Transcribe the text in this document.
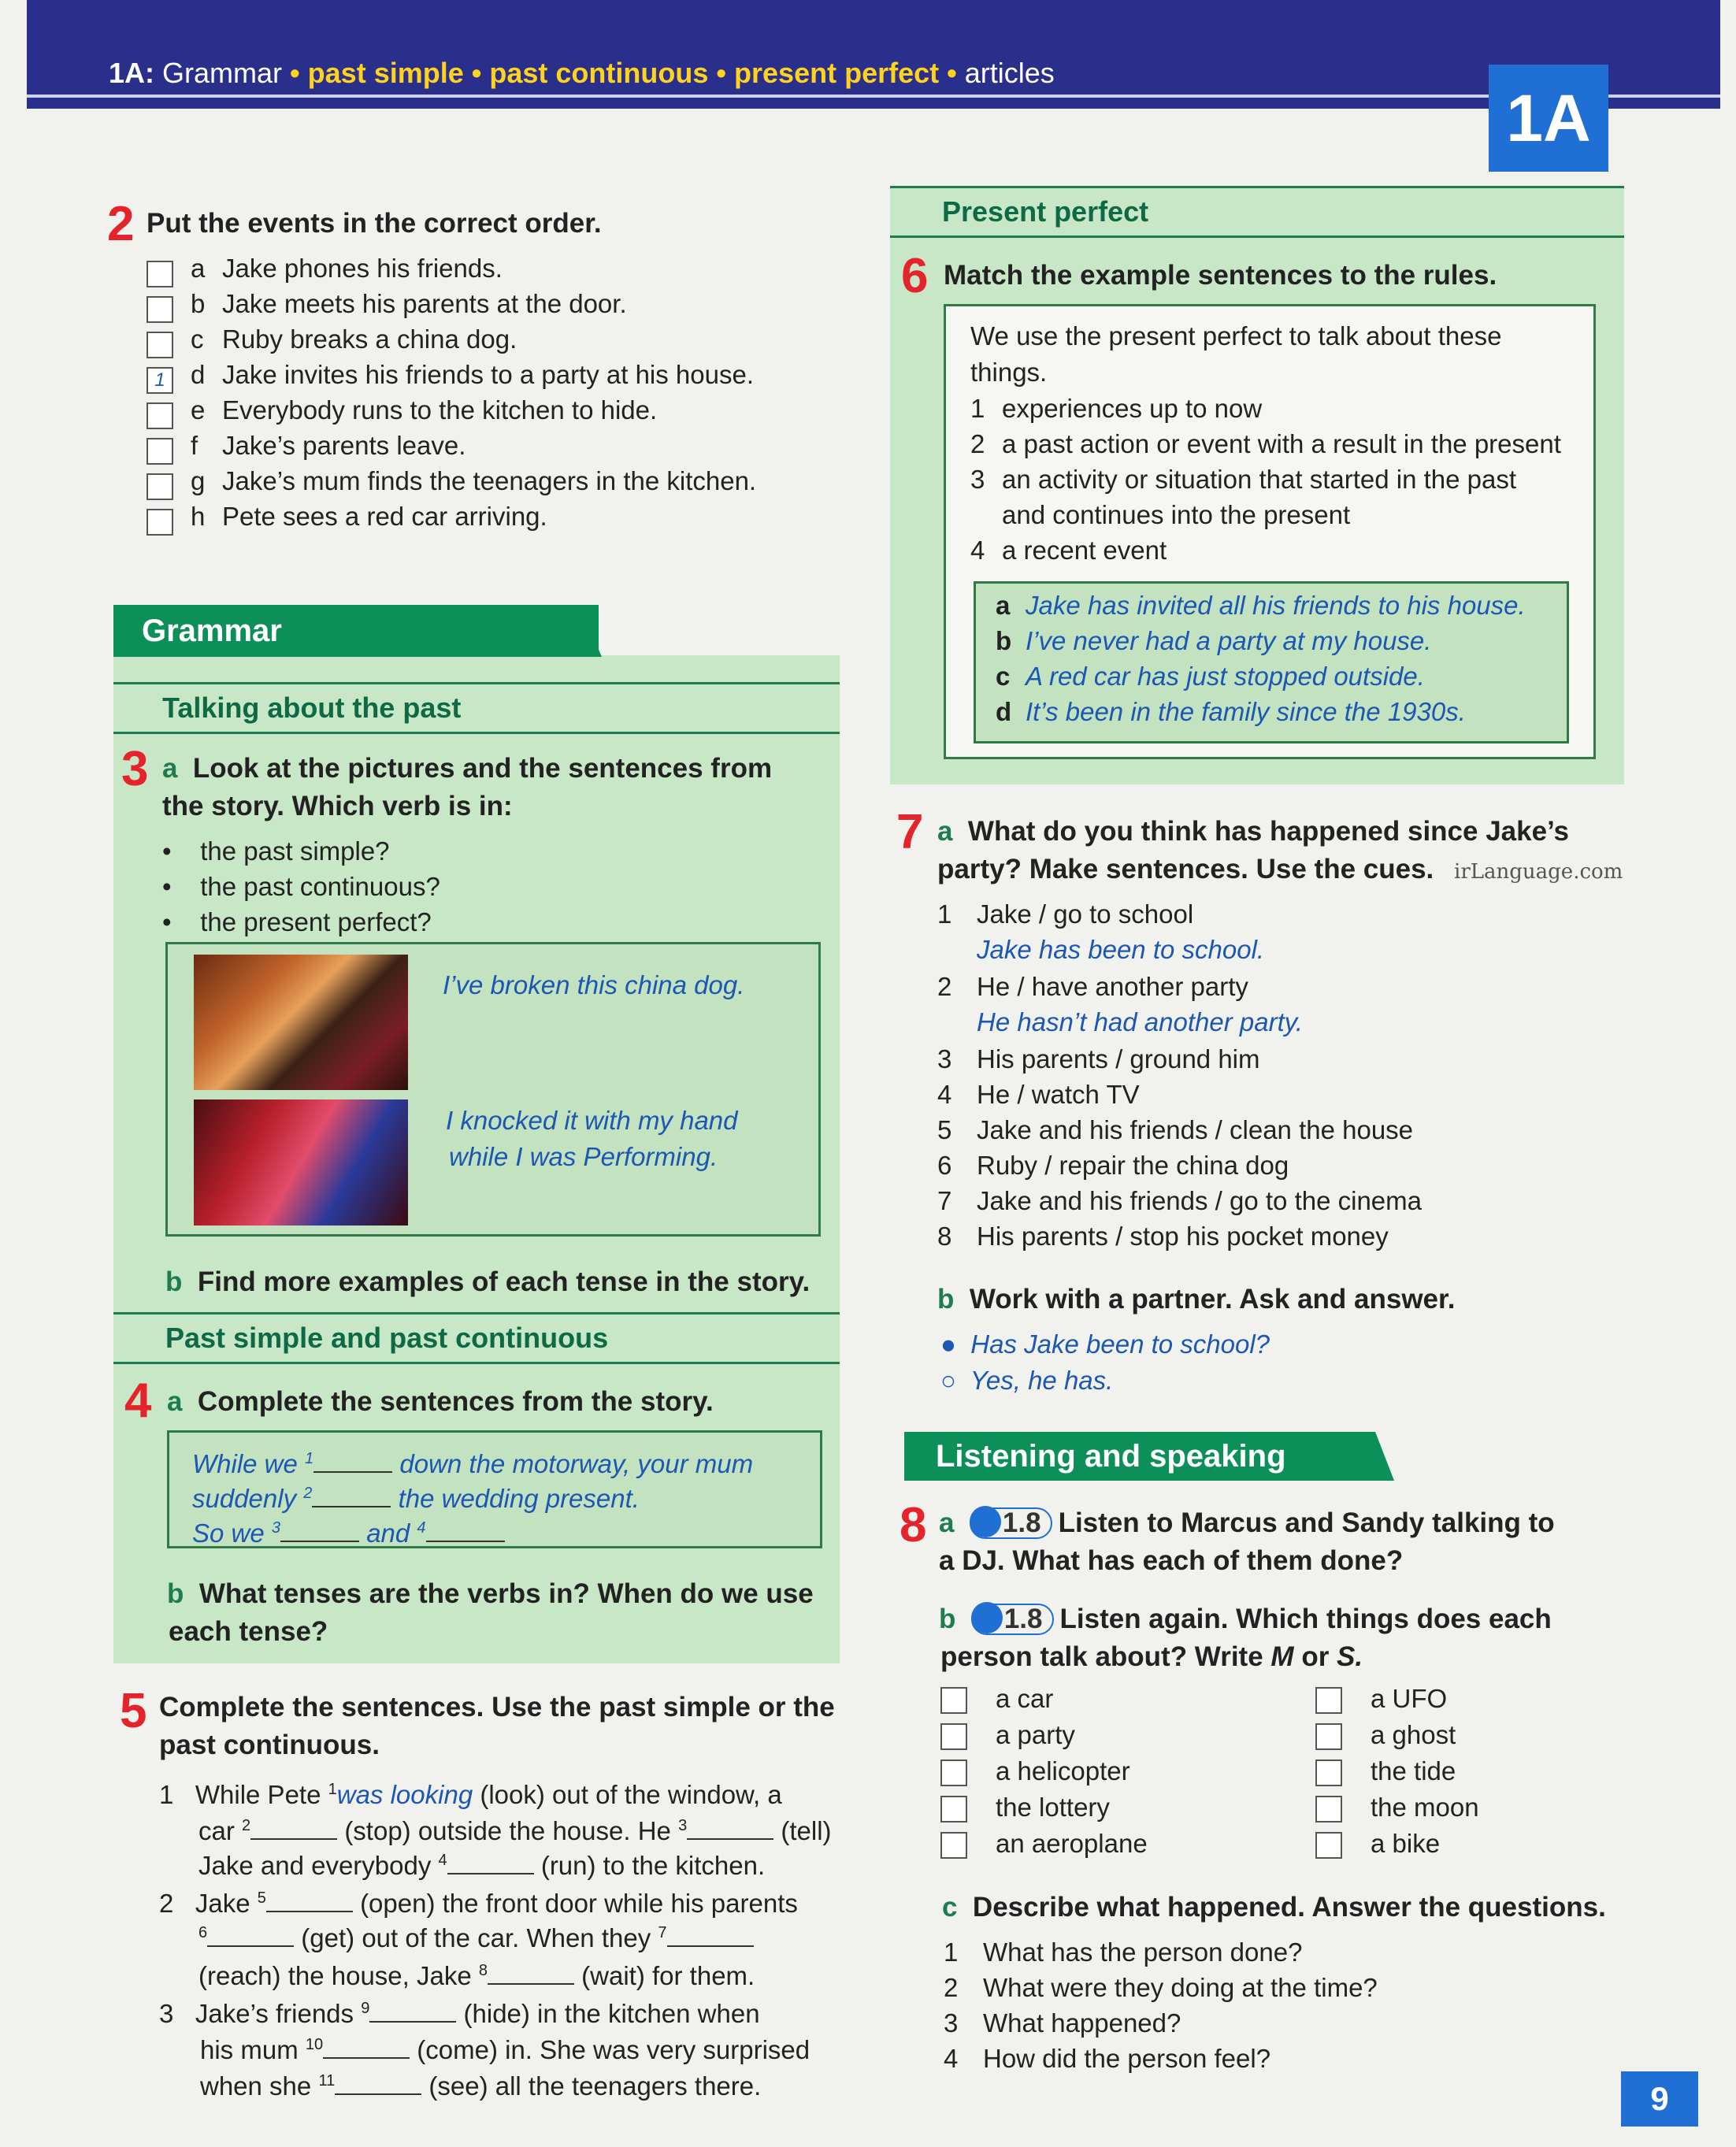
1A: Grammar • past simple • past continuous • present perfect • articles
1A
2 Put the events in the correct order.
a Jake phones his friends.
b Jake meets his parents at the door.
c Ruby breaks a china dog.
1 d Jake invites his friends to a party at his house.
e Everybody runs to the kitchen to hide.
f Jake’s parents leave.
g Jake’s mum finds the teenagers in the kitchen.
h Pete sees a red car arriving.
Grammar
Talking about the past
3 a Look at the pictures and the sentences from
the story. Which verb is in:
•    the past simple?
•    the past continuous?
•    the present perfect?
I’ve broken this china dog.
I knocked it with my hand
while I was Performing.
b Find more examples of each tense in the story.
Past simple and past continuous
4 a Complete the sentences from the story.
While we $^1$	down the motorway, your mum
suddenly $^2$	the wedding present.
So we $^3$	and $^4$
b What tenses are the verbs in? When do we use
each tense?
5 Complete the sentences. Use the past simple or the
past continuous.
1 While Pete $^1$was looking (look) out of the window, a
car $^2$	(stop) outside the house. He $^3$	(tell)
Jake and everybody $^4$	(run) to the kitchen.
2 Jake $^5$	(open) the front door while his parents
$^6$	(get) out of the car. When they $^7$
(reach) the house, Jake $^8$	(wait) for them.
3 Jake’s friends $^9$	(hide) in the kitchen when
his mum $^{10}$	(come) in. She was very surprised
when she $^{11}$	(see) all the teenagers there.
Present perfect
6 Match the example sentences to the rules.
We use the present perfect to talk about these
things.
1 experiences up to now
2 a past action or event with a result in the present
3 an activity or situation that started in the past
and continues into the present
4 a recent event
a Jake has invited all his friends to his house.
b I’ve never had a party at my house.
c A red car has just stopped outside.
d It’s been in the family since the 1930s.
7 a What do you think has happened since Jake’s
party? Make sentences. Use the cues. irLanguage.com
1 Jake / go to school
Jake has been to school.
2 He / have another party
He hasn’t had another party.
3 His parents / ground him
4 He / watch TV
5 Jake and his friends / clean the house
6 Ruby / repair the china dog
7 Jake and his friends / go to the cinema
8 His parents / stop his pocket money
b Work with a partner. Ask and answer.
● Has Jake been to school?
○ Yes, he has.
Listening and speaking
8 a 1.8 Listen to Marcus and Sandy talking to
a DJ. What has each of them done?
b 1.8 Listen again. Which things does each
person talk about? Write M or S.
a car
a party
a helicopter
the lottery
an aeroplane
a UFO
a ghost
the tide
the moon
a bike
c Describe what happened. Answer the questions.
1 What has the person done?
2 What were they doing at the time?
3 What happened?
4 How did the person feel?
9
